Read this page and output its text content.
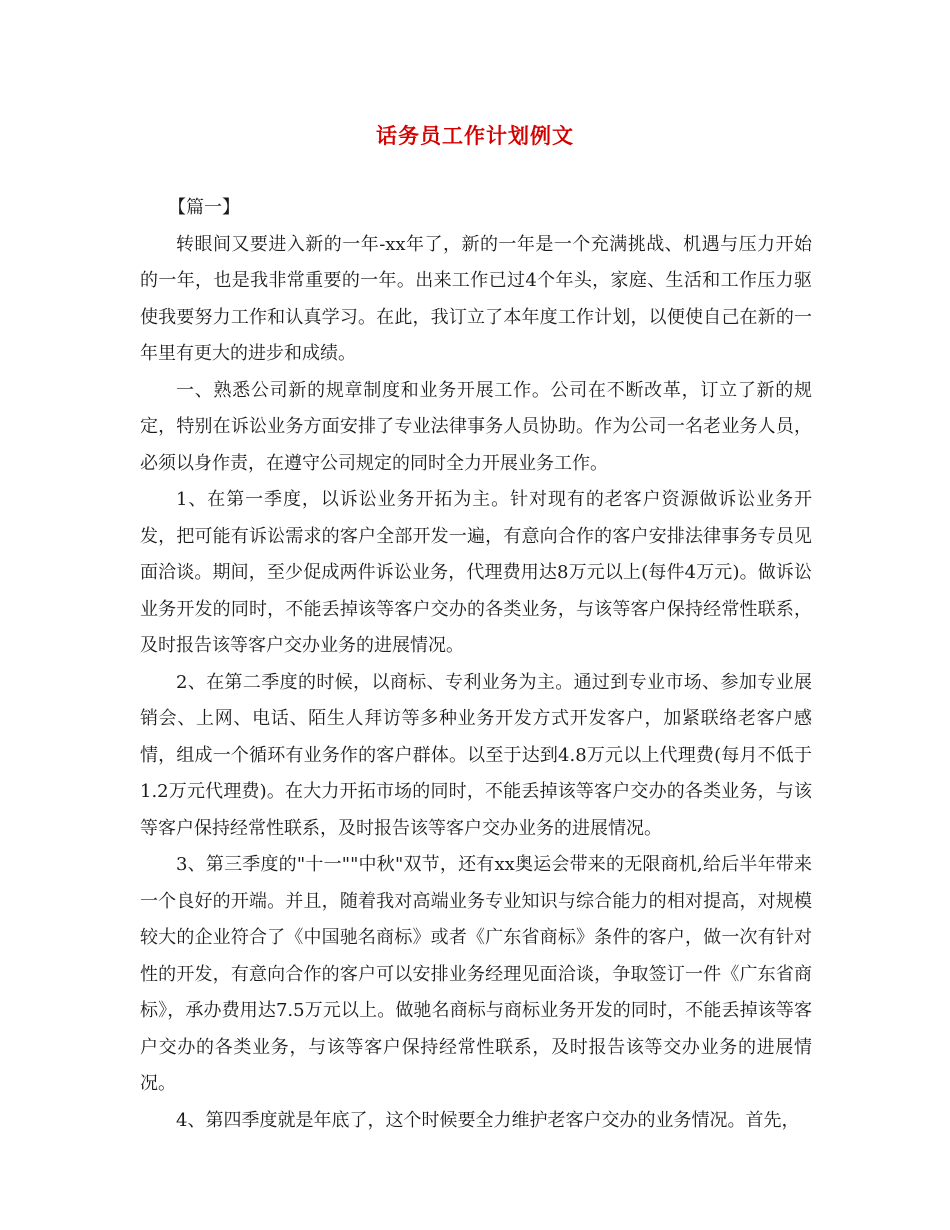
话务员工作计划例文

【篇一】

转眼间又要进入新的一年-xx年了，新的一年是一个充满挑战、机遇与压力开始的一年，也是我非常重要的一年。出来工作已过4个年头，家庭、生活和工作压力驱使我要努力工作和认真学习。在此，我订立了本年度工作计划，以便使自己在新的一年里有更大的进步和成绩。

一、熟悉公司新的规章制度和业务开展工作。公司在不断改革，订立了新的规定，特别在诉讼业务方面安排了专业法律事务人员协助。作为公司一名老业务人员，必须以身作责，在遵守公司规定的同时全力开展业务工作。

1、在第一季度，以诉讼业务开拓为主。针对现有的老客户资源做诉讼业务开发，把可能有诉讼需求的客户全部开发一遍，有意向合作的客户安排法律事务专员见面洽谈。期间，至少促成两件诉讼业务，代理费用达8万元以上(每件4万元)。做诉讼业务开发的同时，不能丢掉该等客户交办的各类业务，与该等客户保持经常性联系，及时报告该等客户交办业务的进展情况。

2、在第二季度的时候，以商标、专利业务为主。通过到专业市场、参加专业展销会、上网、电话、陌生人拜访等多种业务开发方式开发客户，加紧联络老客户感情，组成一个循环有业务作的客户群体。以至于达到4.8万元以上代理费(每月不低于1.2万元代理费)。在大力开拓市场的同时，不能丢掉该等客户交办的各类业务，与该等客户保持经常性联系，及时报告该等客户交办业务的进展情况。

3、第三季度的"十一""中秋"双节，还有xx奥运会带来的无限商机,给后半年带来一个良好的开端。并且，随着我对高端业务专业知识与综合能力的相对提高，对规模较大的企业符合了《中国驰名商标》或者《广东省商标》条件的客户，做一次有针对性的开发，有意向合作的客户可以安排业务经理见面洽谈，争取签订一件《广东省商标》，承办费用达7.5万元以上。做驰名商标与商标业务开发的同时，不能丢掉该等客户交办的各类业务，与该等客户保持经常性联系，及时报告该等交办业务的进展情况。

4、第四季度就是年底了，这个时候要全力维护老客户交办的业务情况。首先，
